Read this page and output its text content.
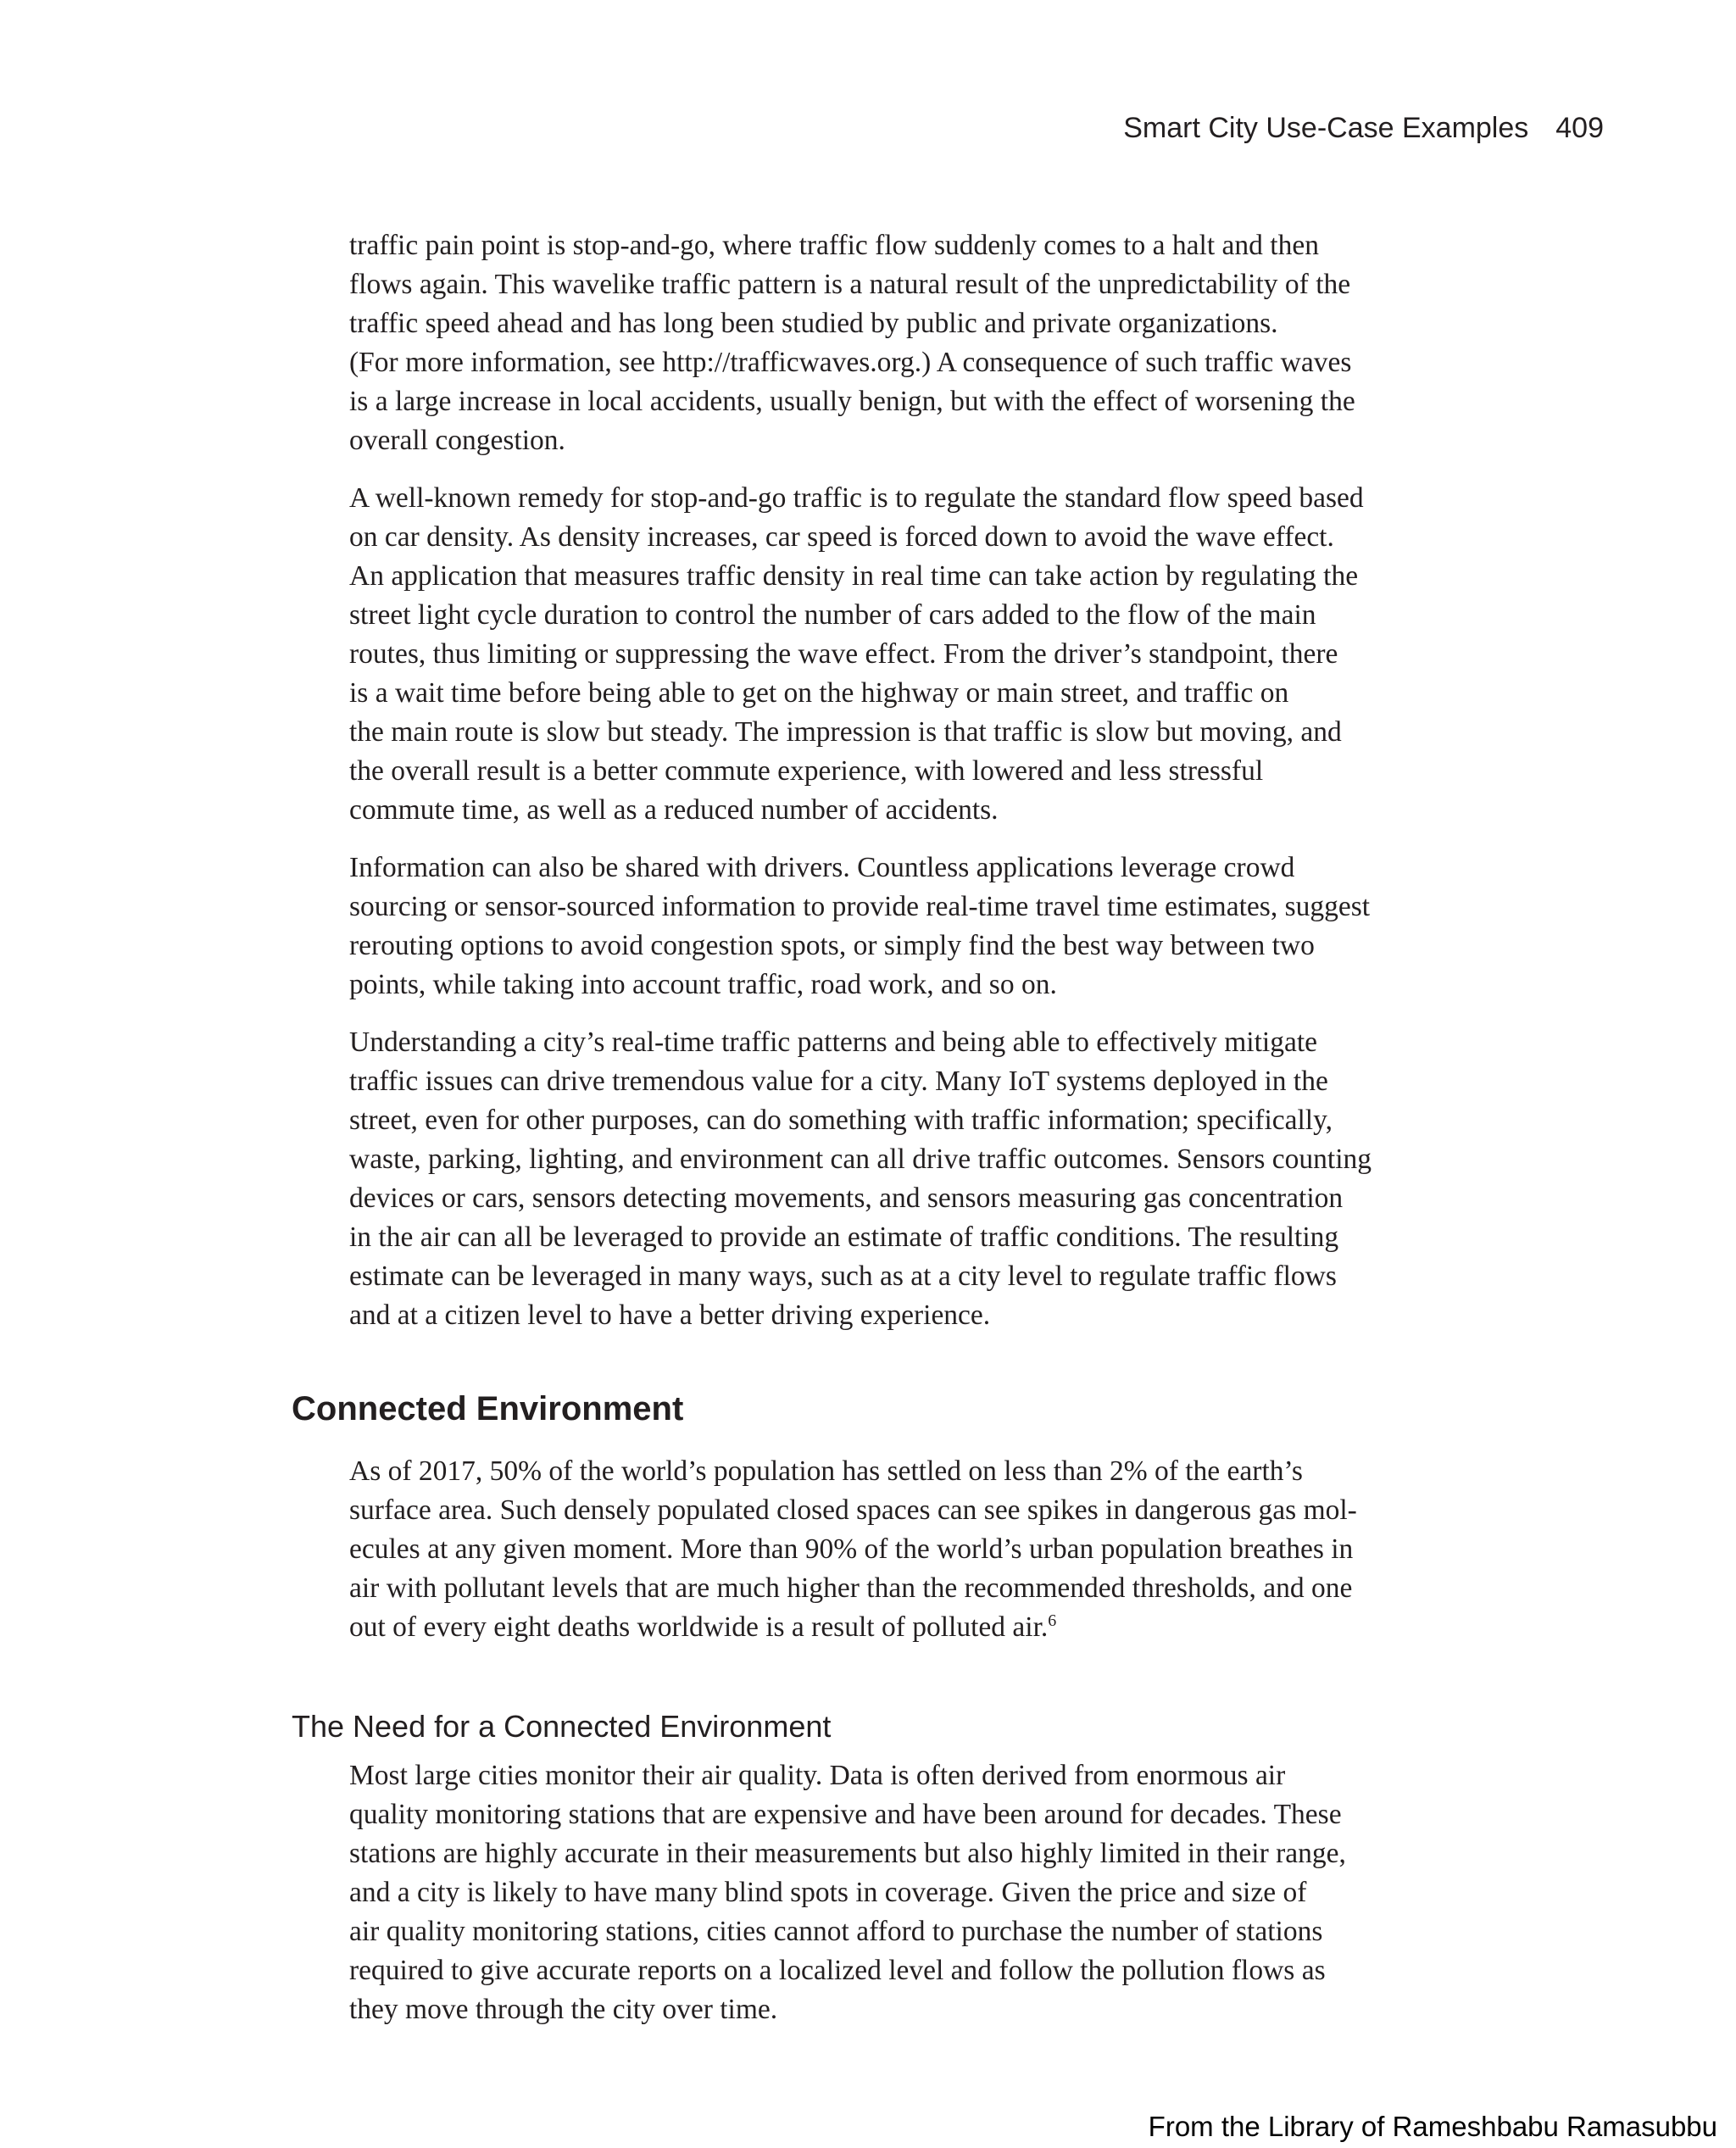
Smart City Use-Case Examples 409

traffic pain point is stop-and-go, where traffic flow suddenly comes to a halt and then
flows again. This wavelike traffic pattern is a natural result of the unpredictability of the
traffic speed ahead and has long been studied by public and private organizations.
(For more information, see http://trafficwaves.org.) A consequence of such traffic waves
is a large increase in local accidents, usually benign, but with the effect of worsening the
overall congestion.

A well-known remedy for stop-and-go traffic is to regulate the standard flow speed based
on car density. As density increases, car speed is forced down to avoid the wave effect.
An application that measures traffic density in real time can take action by regulating the
street light cycle duration to control the number of cars added to the flow of the main
routes, thus limiting or suppressing the wave effect. From the driver’s standpoint, there
is a wait time before being able to get on the highway or main street, and traffic on
the main route is slow but steady. The impression is that traffic is slow but moving, and
the overall result is a better commute experience, with lowered and less stressful
commute time, as well as a reduced number of accidents.

Information can also be shared with drivers. Countless applications leverage crowd
sourcing or sensor-sourced information to provide real-time travel time estimates, suggest
rerouting options to avoid congestion spots, or simply find the best way between two
points, while taking into account traffic, road work, and so on.

Understanding a city’s real-time traffic patterns and being able to effectively mitigate
traffic issues can drive tremendous value for a city. Many IoT systems deployed in the
street, even for other purposes, can do something with traffic information; specifically,
waste, parking, lighting, and environment can all drive traffic outcomes. Sensors counting
devices or cars, sensors detecting movements, and sensors measuring gas concentration
in the air can all be leveraged to provide an estimate of traffic conditions. The resulting
estimate can be leveraged in many ways, such as at a city level to regulate traffic flows
and at a citizen level to have a better driving experience.

Connected Environment

As of 2017, 50% of the world’s population has settled on less than 2% of the earth’s
surface area. Such densely populated closed spaces can see spikes in dangerous gas mol-
ecules at any given moment. More than 90% of the world’s urban population breathes in
air with pollutant levels that are much higher than the recommended thresholds, and one
out of every eight deaths worldwide is a result of polluted air.$^6$

The Need for a Connected Environment

Most large cities monitor their air quality. Data is often derived from enormous air
quality monitoring stations that are expensive and have been around for decades. These
stations are highly accurate in their measurements but also highly limited in their range,
and a city is likely to have many blind spots in coverage. Given the price and size of
air quality monitoring stations, cities cannot afford to purchase the number of stations
required to give accurate reports on a localized level and follow the pollution flows as
they move through the city over time.

From the Library of Rameshbabu Ramasubbu
